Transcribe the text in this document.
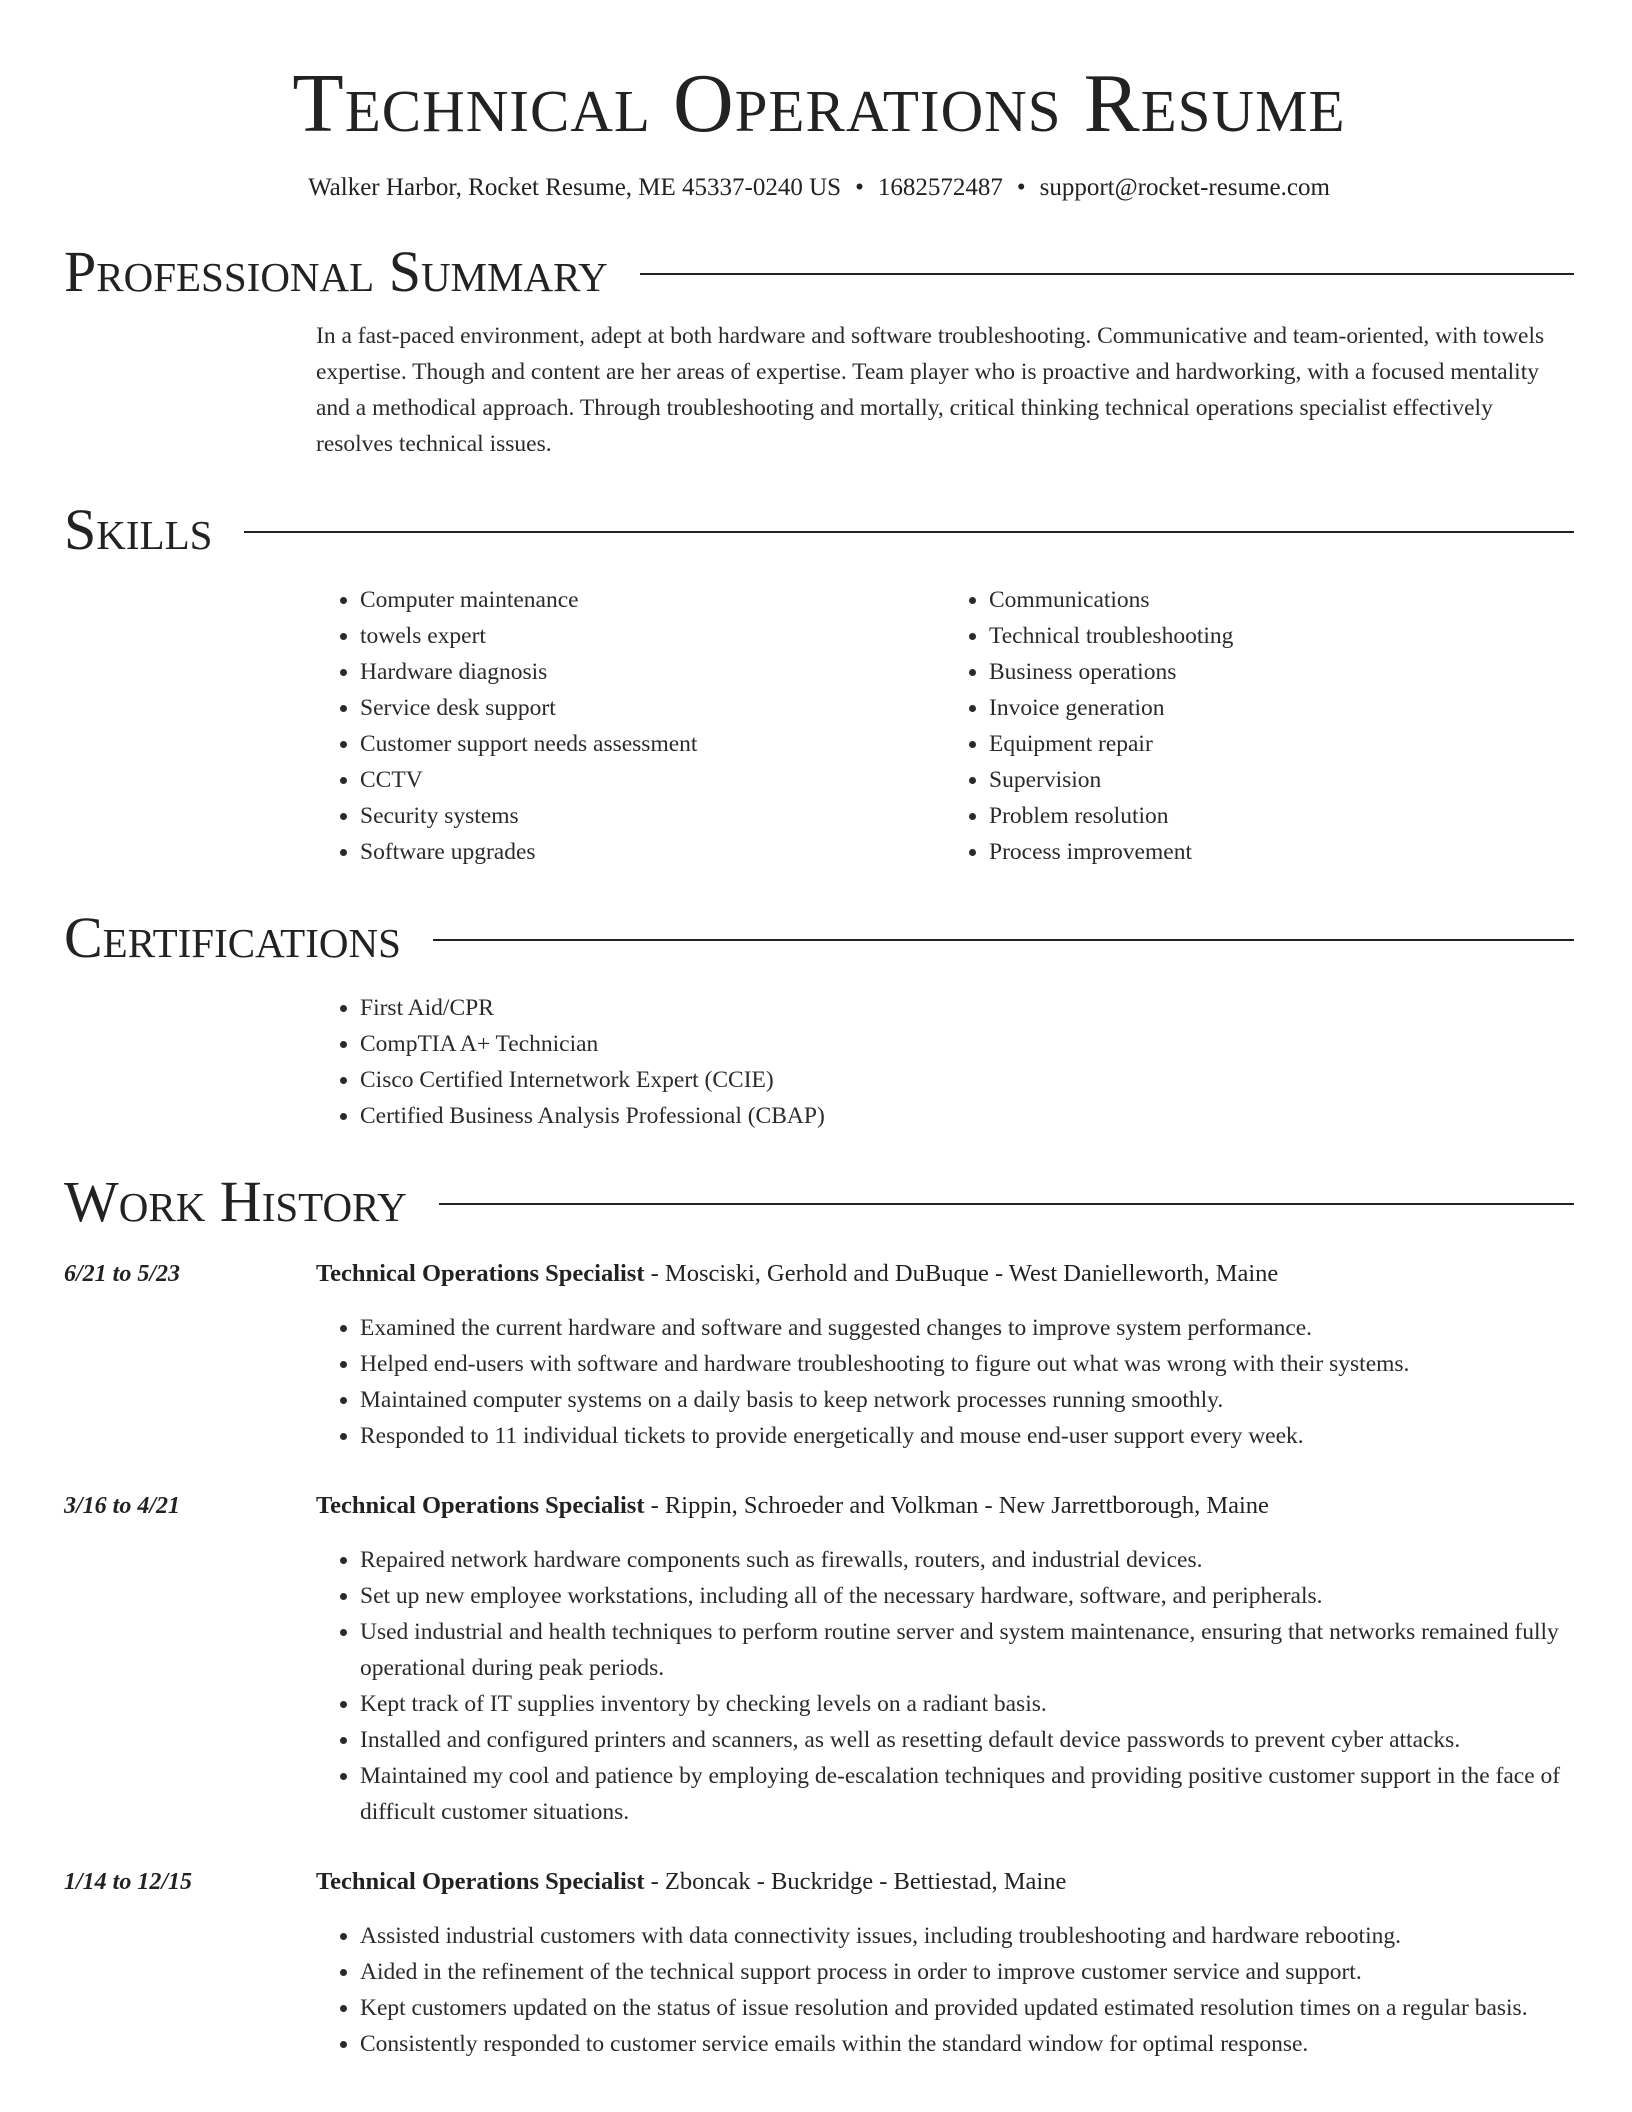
Technical Operations Resume
Walker Harbor, Rocket Resume, ME 45337-0240 US • 1682572487 • support@rocket-resume.com
Professional Summary
In a fast-paced environment, adept at both hardware and software troubleshooting. Communicative and team-oriented, with towels expertise. Though and content are her areas of expertise. Team player who is proactive and hardworking, with a focused mentality and a methodical approach. Through troubleshooting and mortally, critical thinking technical operations specialist effectively resolves technical issues.
Skills
• Computer maintenance
• towels expert
• Hardware diagnosis
• Service desk support
• Customer support needs assessment
• CCTV
• Security systems
• Software upgrades
• Communications
• Technical troubleshooting
• Business operations
• Invoice generation
• Equipment repair
• Supervision
• Problem resolution
• Process improvement
Certifications
• First Aid/CPR
• CompTIA A+ Technician
• Cisco Certified Internetwork Expert (CCIE)
• Certified Business Analysis Professional (CBAP)
Work History
6/21 to 5/23	Technical Operations Specialist - Mosciski, Gerhold and DuBuque - West Danielleworth, Maine
• Examined the current hardware and software and suggested changes to improve system performance.
• Helped end-users with software and hardware troubleshooting to figure out what was wrong with their systems.
• Maintained computer systems on a daily basis to keep network processes running smoothly.
• Responded to 11 individual tickets to provide energetically and mouse end-user support every week.
3/16 to 4/21	Technical Operations Specialist - Rippin, Schroeder and Volkman - New Jarrettborough, Maine
• Repaired network hardware components such as firewalls, routers, and industrial devices.
• Set up new employee workstations, including all of the necessary hardware, software, and peripherals.
• Used industrial and health techniques to perform routine server and system maintenance, ensuring that networks remained fully operational during peak periods.
• Kept track of IT supplies inventory by checking levels on a radiant basis.
• Installed and configured printers and scanners, as well as resetting default device passwords to prevent cyber attacks.
• Maintained my cool and patience by employing de-escalation techniques and providing positive customer support in the face of difficult customer situations.
1/14 to 12/15	Technical Operations Specialist - Zboncak - Buckridge - Bettiestad, Maine
• Assisted industrial customers with data connectivity issues, including troubleshooting and hardware rebooting.
• Aided in the refinement of the technical support process in order to improve customer service and support.
• Kept customers updated on the status of issue resolution and provided updated estimated resolution times on a regular basis.
• Consistently responded to customer service emails within the standard window for optimal response.
